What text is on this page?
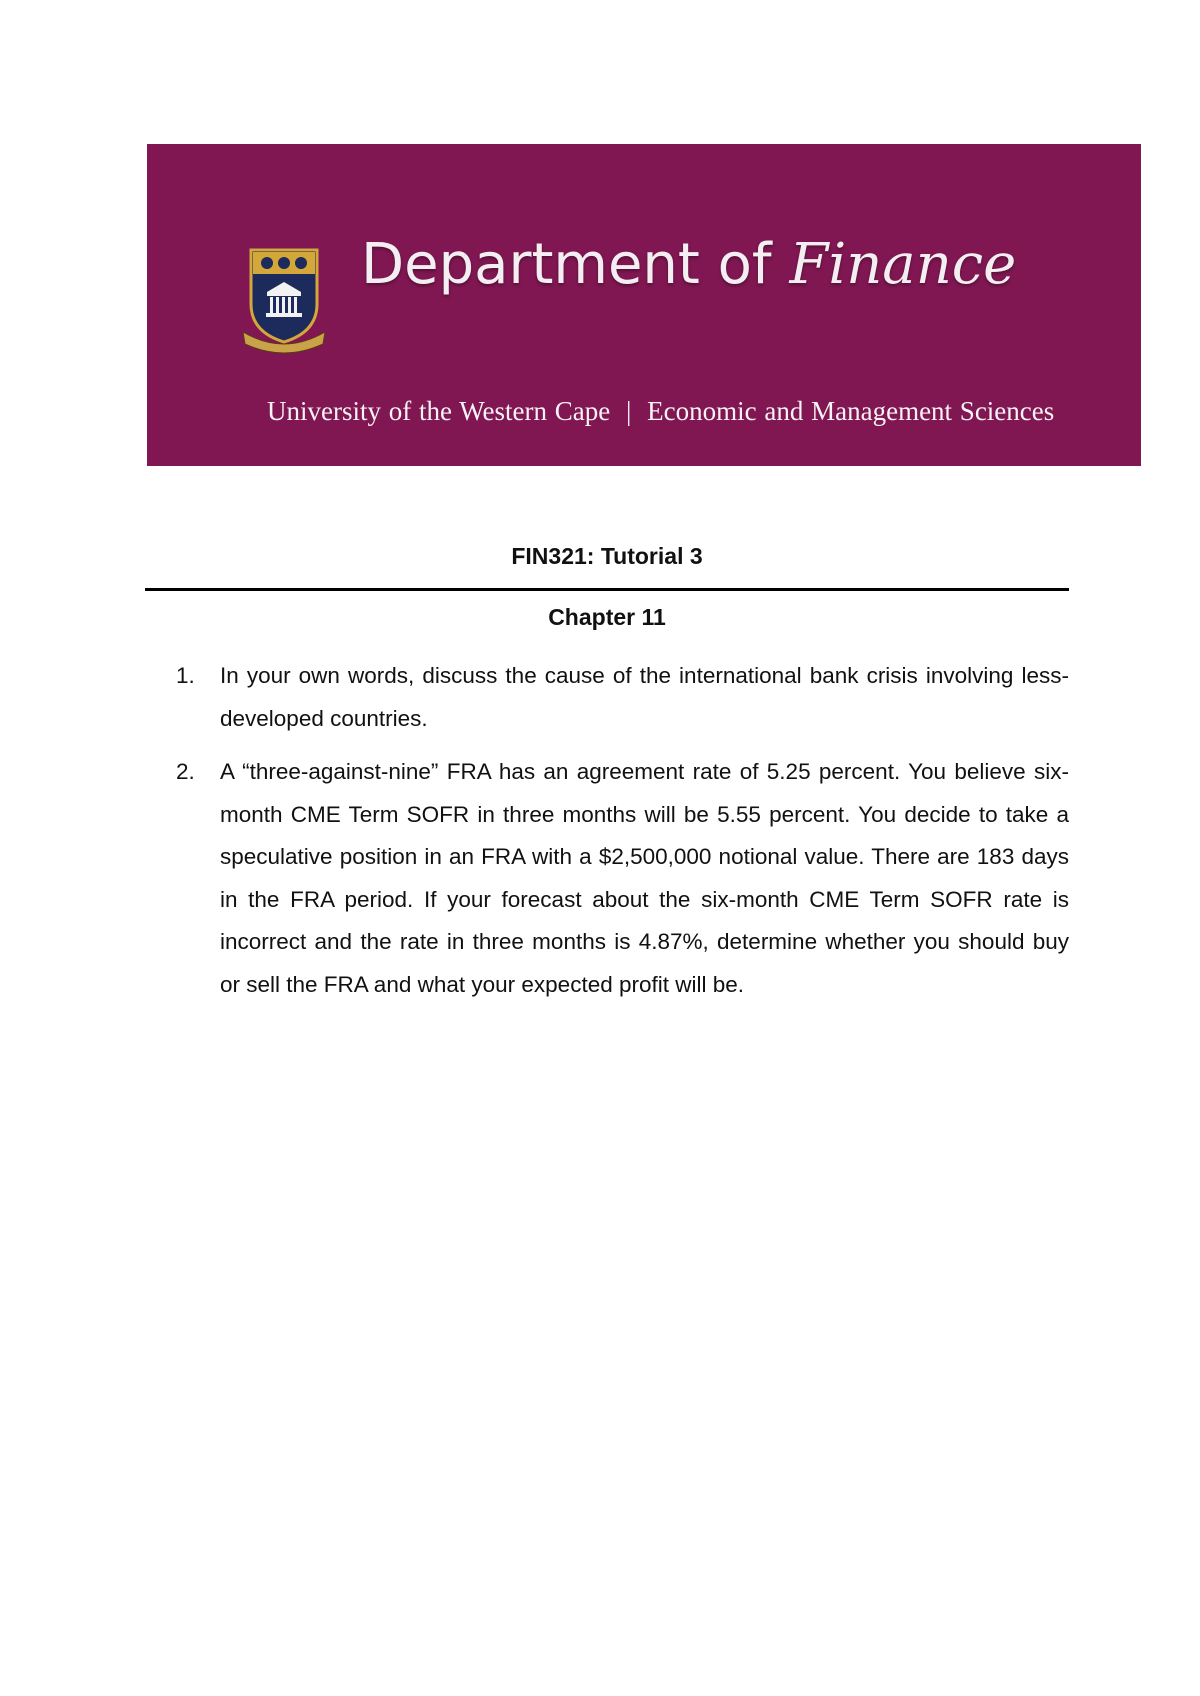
Department of Finance
University of the Western Cape | Economic and Management Sciences
FIN321: Tutorial 3
Chapter 11
1. In your own words, discuss the cause of the international bank crisis involving less-developed countries.
2. A “three-against-nine” FRA has an agreement rate of 5.25 percent. You believe six-month CME Term SOFR in three months will be 5.55 percent. You decide to take a speculative position in an FRA with a $2,500,000 notional value. There are 183 days in the FRA period. If your forecast about the six-month CME Term SOFR rate is incorrect and the rate in three months is 4.87%, determine whether you should buy or sell the FRA and what your expected profit will be.
